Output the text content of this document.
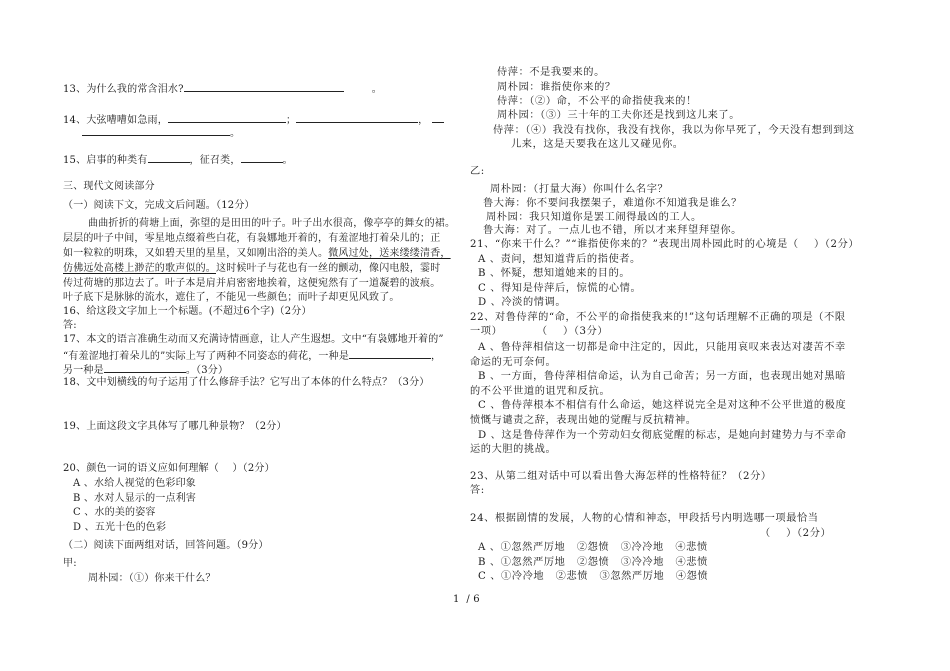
13、为什么我的常含泪水?	。
14、大弦嘈嘈如急雨，	；	，
。
15、启事的种类有	，征召类，	。
三、现代文阅读部分
（一）阅读下文，完成文后问题。（12分）
曲曲折折的荷塘上面，弥望的是田田的叶子。叶子出水很高，像亭亭的舞女的裙。
层层的叶子中间，零星地点缀着些白花，有袅娜地开着的，有羞涩地打着朵儿的；正
如一粒粒的明珠，又如碧天里的星星，又如刚出浴的美人。微风过处，送来缕缕清香，
仿佛远处高楼上渺茫的歌声似的。这时候叶子与花也有一丝的颤动，像闪电般，霎时
传过荷塘的那边去了。叶子本是肩并肩密密地挨着，这便宛然有了一道凝碧的波痕。
叶子底下是脉脉的流水，遮住了，不能见一些颜色；而叶子却更见风致了。
16、给这段文字加上一个标题。(不超过6个字)（2分）
答:
17、本文的语言准确生动而又充满诗情画意，让人产生遐想。文中“有袅娜地开着的”
“有羞涩地打着朵儿的”实际上写了两种不同姿态的荷花，一种是	，
另一种是	。（3分）
18、文中划横线的句子运用了什么修辞手法？它写出了本体的什么特点？（3分）
19、上面这段文字具体写了哪几种景物？（2分）
20、颜色一词的语义应如何理解（    ）（2分）
A 、水给人视觉的色彩印象
B 、水对人显示的一点利害
C 、水的美的姿容
D 、五光十色的色彩
（二）阅读下面两组对话，回答问题。（9分）
甲:
周朴园：（①）你来干什么？
侍萍：不是我要来的。
周朴园：谁指使你来的？
侍萍：（②）命，不公平的命指使我来的！
周朴园：（③）三十年的工夫你还是找到这儿来了。
侍萍：（④）我没有找你，我没有找你，我以为你早死了，今天没有想到到这
儿来，这是天要我在这儿又碰见你。
乙:
周朴园：（打量大海）你叫什么名字？
鲁大海：你不要问我摆架子，难道你不知道我是谁么？
周朴园：我只知道你是罢工闹得最凶的工人。
鲁大海：对了。一点儿也不错，所以才来拜望拜望你。
21、“你来干什么？”“谁指使你来的？”表现出周朴园此时的心境是（    ）（2分）
A 、责问，想知道背后的指使者。
B 、怀疑，想知道她来的目的。
C 、得知是侍萍后，惊慌的心情。
D 、冷淡的情调。
22、对鲁侍萍的“命，不公平的命指使我来的!”这句话理解不正确的项是（不限
一项）         （    ）（3分）
A 、鲁侍萍相信这一切都是命中注定的，因此，只能用哀叹来表达对凄苦不幸
命运的无可奈何。
B 、一方面，鲁侍萍相信命运，认为自己命苦；另一方面，也表现出她对黑暗
的不公平世道的诅咒和反抗。
C 、鲁侍萍根本不相信有什么命运，她这样说完全是对这种不公平世道的极度
愤慨与谴责之辞，表现出她的觉醒与反抗精神。
D 、这是鲁侍萍作为一个劳动妇女彻底觉醒的标志，是她向封建势力与不幸命
运的大胆的挑战。
23、从第二组对话中可以看出鲁大海怎样的性格特征？（2分）
答:
24、根据剧情的发展，人物的心情和神态，甲段括号内明选哪一项最恰当
（    ）（2分）
A 、①忽然严厉地   ②怨愤   ③冷冷地   ④悲愤
B 、①忽然严厉地   ②怨愤   ③冷冷地   ④悲愤
C 、①冷冷地   ②悲愤   ③忽然严厉地   ④怨愤
1  / 6
